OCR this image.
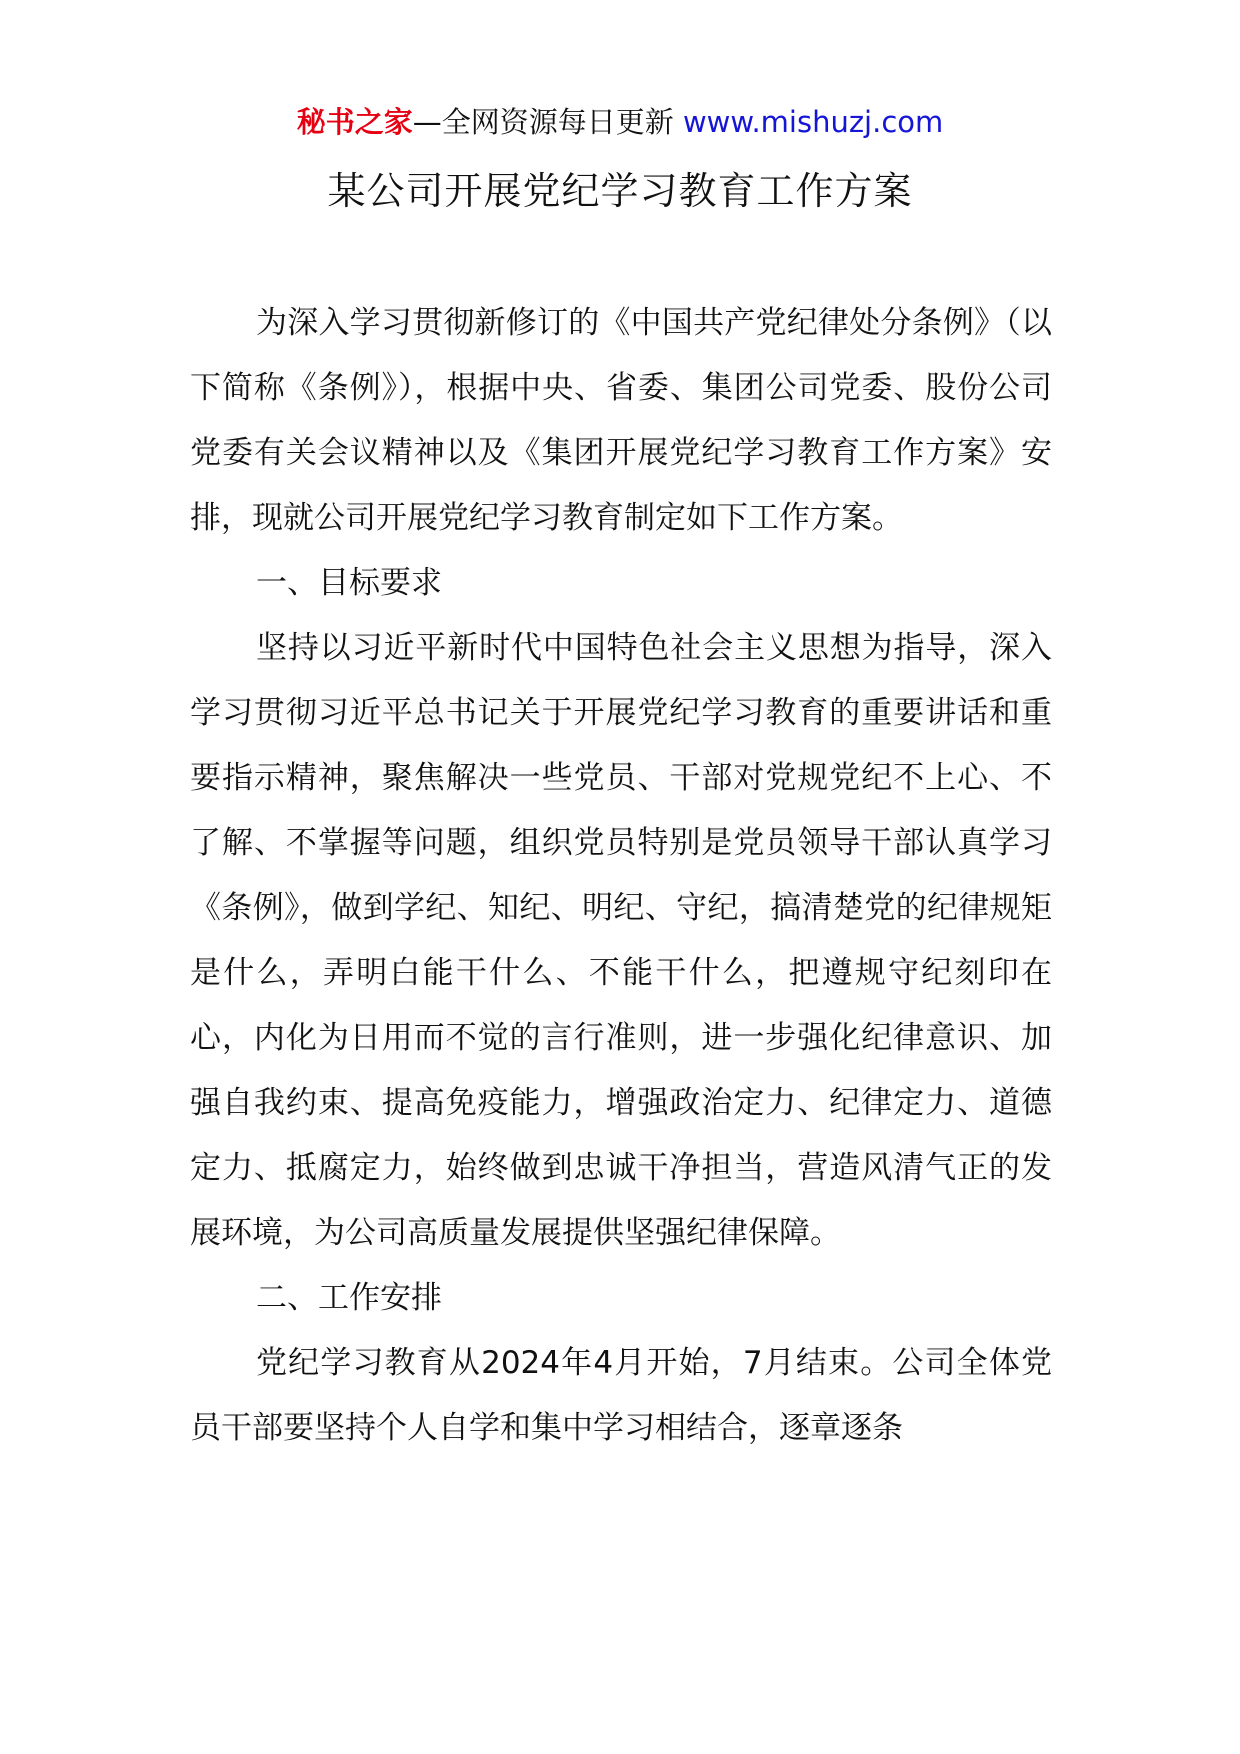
秘书之家—全网资源每日更新 www.mishuzj.com
某公司开展党纪学习教育工作方案

为深入学习贯彻新修订的《中国共产党纪律处分条例》（以下简称《条例》），根据中央、省委、集团公司党委、股份公司党委有关会议精神以及《集团开展党纪学习教育工作方案》安排，现就公司开展党纪学习教育制定如下工作方案。

一、目标要求

坚持以习近平新时代中国特色社会主义思想为指导，深入学习贯彻习近平总书记关于开展党纪学习教育的重要讲话和重要指示精神，聚焦解决一些党员、干部对党规党纪不上心、不了解、不掌握等问题，组织党员特别是党员领导干部认真学习《条例》，做到学纪、知纪、明纪、守纪，搞清楚党的纪律规矩是什么，弄明白能干什么、不能干什么，把遵规守纪刻印在心，内化为日用而不觉的言行准则，进一步强化纪律意识、加强自我约束、提高免疫能力，增强政治定力、纪律定力、道德定力、抵腐定力，始终做到忠诚干净担当，营造风清气正的发展环境，为公司高质量发展提供坚强纪律保障。

二、工作安排

党纪学习教育从2024年4月开始，7月结束。公司全体党员干部要坚持个人自学和集中学习相结合，逐章逐条
